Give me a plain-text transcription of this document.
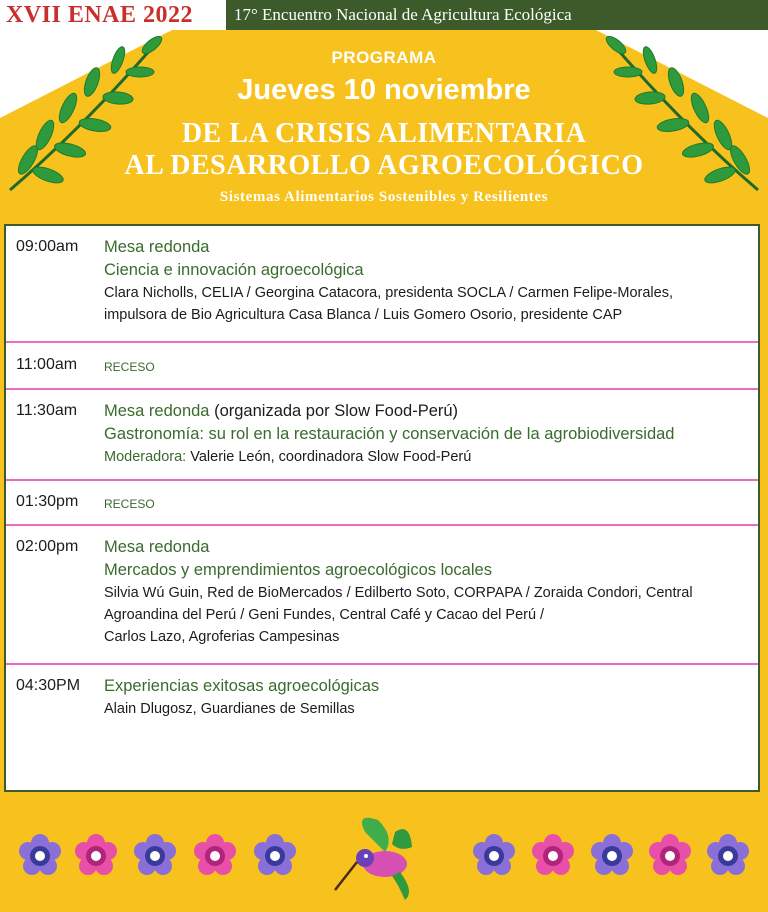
XVII ENAE 2022 17° Encuentro Nacional de Agricultura Ecológica
PROGRAMA
Jueves 10 noviembre
DE LA CRISIS ALIMENTARIA
AL DESARROLLO AGROECOLÓGICO
Sistemas Alimentarios Sostenibles y Resilientes
09:00am Mesa redonda
Ciencia e innovación agroecológica
Clara Nicholls, CELIA / Georgina Catacora, presidenta SOCLA / Carmen Felipe-Morales,
impulsora de Bio Agricultura Casa Blanca / Luis Gomero Osorio, presidente CAP
11:00am RECESO
11:30am Mesa redonda (organizada por Slow Food-Perú)
Gastronomía: su rol en la restauración y conservación de la agrobiodiversidad
Moderadora: Valerie León, coordinadora Slow Food-Perú
01:30pm RECESO
02:00pm Mesa redonda
Mercados y emprendimientos agroecológicos locales
Silvia Wú Guin, Red de BioMercados / Edilberto Soto, CORPAPA / Zoraida Condori, Central
Agroandina del Perú / Geni Fundes, Central Café y Cacao del Perú /
Carlos Lazo, Agroferias Campesinas
04:30PM Experiencias exitosas agroecológicas
Alain Dlugosz, Guardianes de Semillas
